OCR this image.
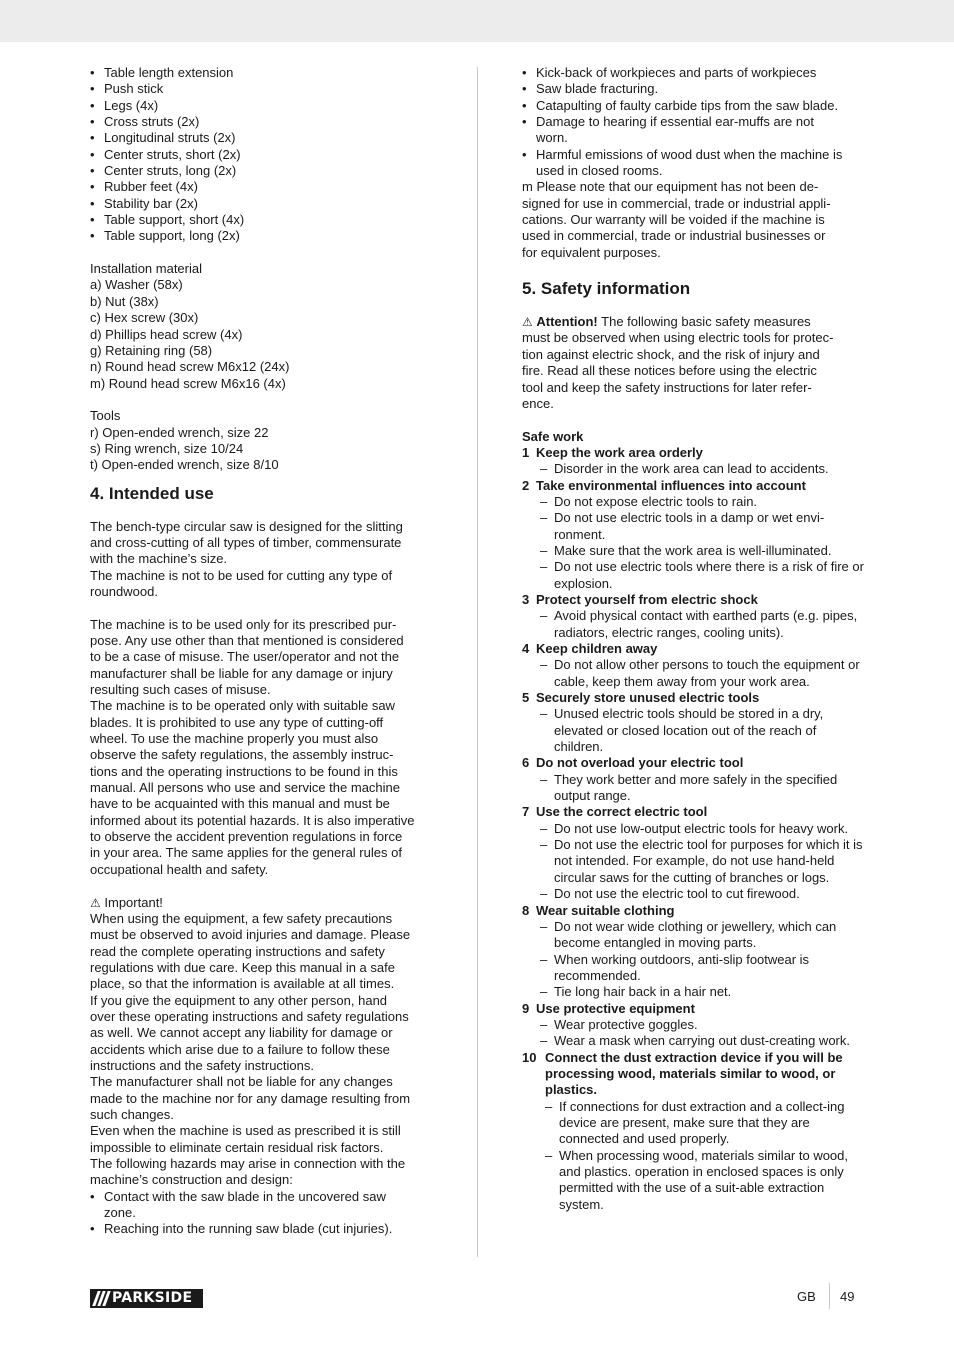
• Table length extension
• Push stick
• Legs (4x)
• Cross struts (2x)
• Longitudinal struts (2x)
• Center struts, short (2x)
• Center struts, long (2x)
• Rubber feet (4x)
• Stability bar (2x)
• Table support, short (4x)
• Table support, long (2x)

Installation material

a) Washer (58x)

b) Nut (38x)

c) Hex screw (30x)

d) Phillips head screw (4x)

g) Retaining ring (58)

n) Round head screw M6x12 (24x)

m) Round head screw M6x16 (4x)

Tools

r) Open-ended wrench, size 22

s) Ring wrench, size 10/24

t) Open-ended wrench, size 8/10

4. Intended use

The bench-type circular saw is designed for the slitting

and cross-cutting of all types of timber, commensurate

with the machine’s size.

The machine is not to be used for cutting any type of

roundwood.

The machine is to be used only for its prescribed pur-

pose. Any use other than that mentioned is considered

to be a case of misuse. The user/operator and not the

manufacturer shall be liable for any damage or injury

resulting such cases of misuse.

The machine is to be operated only with suitable saw

blades. It is prohibited to use any type of cutting-off

wheel. To use the machine properly you must also

observe the safety regulations, the assembly instruc-

tions and the operating instructions to be found in this

manual. All persons who use and service the machine

have to be acquainted with this manual and must be

informed about its potential hazards. It is also imperative

to observe the accident prevention regulations in force

in your area. The same applies for the general rules of

occupational health and safety.

⚠ Important!

When using the equipment, a few safety precautions

must be observed to avoid injuries and damage. Please

read the complete operating instructions and safety

regulations with due care. Keep this manual in a safe

place, so that the information is available at all times.

If you give the equipment to any other person, hand

over these operating instructions and safety regulations

as well. We cannot accept any liability for damage or

accidents which arise due to a failure to follow these

instructions and the safety instructions.

The manufacturer shall not be liable for any changes

made to the machine nor for any damage resulting from

such changes.

Even when the machine is used as prescribed it is still

impossible to eliminate certain residual risk factors.

The following hazards may arise in connection with the

machine’s construction and design:

• Contact with the saw blade in the uncovered saw zone.
• Reaching into the running saw blade (cut injuries).
• Kick-back of workpieces and parts of workpieces
• Saw blade fracturing.
• Catapulting of faulty carbide tips from the saw blade.
• Damage to hearing if essential ear-muffs are not worn.
• Harmful emissions of wood dust when the machine is used in closed rooms.

m Please note that our equipment has not been de-

signed for use in commercial, trade or industrial appli-

cations. Our warranty will be voided if the machine is

used in commercial, trade or industrial businesses or

for equivalent purposes.

5. Safety information

⚠ Attention! The following basic safety measures

must be observed when using electric tools for protec-

tion against electric shock, and the risk of injury and

fire. Read all these notices before using the electric

tool and keep the safety instructions for later refer-

ence.

Safe work

1 Keep the work area orderly
– Disorder in the work area can lead to accidents.
2 Take environmental influences into account
– Do not expose electric tools to rain.
– Do not use electric tools in a damp or wet envi-ronment.
– Make sure that the work area is well-illuminated.
– Do not use electric tools where there is a risk of fire or explosion.
3 Protect yourself from electric shock
– Avoid physical contact with earthed parts (e.g. pipes, radiators, electric ranges, cooling units).
4 Keep children away
– Do not allow other persons to touch the equipment or cable, keep them away from your work area.
5 Securely store unused electric tools
– Unused electric tools should be stored in a dry, elevated or closed location out of the reach of children.
6 Do not overload your electric tool
– They work better and more safely in the specified output range.
7 Use the correct electric tool
– Do not use low-output electric tools for heavy work.
– Do not use the electric tool for purposes for which it is not intended. For example, do not use hand-held circular saws for the cutting of branches or logs.
– Do not use the electric tool to cut firewood.
8 Wear suitable clothing
– Do not wear wide clothing or jewellery, which can become entangled in moving parts.
– When working outdoors, anti-slip footwear is recommended.
– Tie long hair back in a hair net.
9 Use protective equipment
– Wear protective goggles.
– Wear a mask when carrying out dust-creating work.
10 Connect the dust extraction device if you will be processing wood, materials similar to wood, or plastics.
– If connections for dust extraction and a collect-ing device are present, make sure that they are connected and used properly.
– When processing wood, materials similar to wood, and plastics. operation in enclosed spaces is only permitted with the use of a suit-able extraction system.
PARKSIDE	GB 49
